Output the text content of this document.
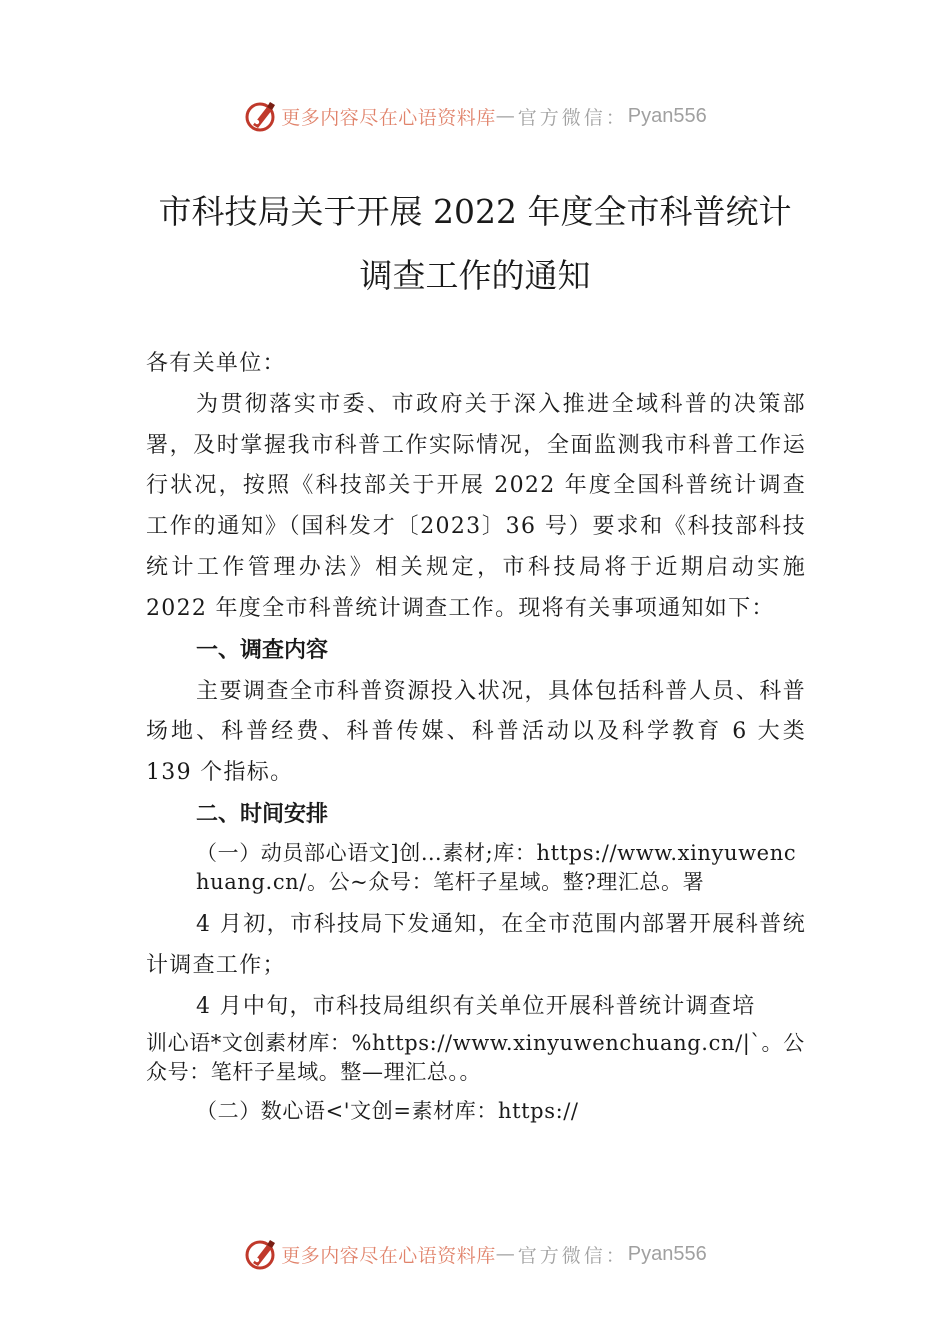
更多内容尽在心语资料库 — 官方微信： Pyan556
市科技局关于开展 2022 年度全市科普统计
调查工作的通知

各有关单位：

为贯彻落实市委、市政府关于深入推进全域科普的决策部署，及时掌握我市科普工作实际情况，全面监测我市科普工作运行状况，按照《科技部关于开展 2022 年度全国科普统计调查工作的通知》（国科发才〔2023〕36 号）要求和《科技部科技统计工作管理办法》相关规定，市科技局将于近期启动实施 2022 年度全市科普统计调查工作。现将有关事项通知如下：

一、调查内容

主要调查全市科普资源投入状况，具体包括科普人员、科普场地、科普经费、科普传媒、科普活动以及科学教育 6 大类 139 个指标。

二、时间安排

（一）动员部心语文]创…素材;库：https://www.xinyuwenchuang.cn/。公~众号：笔杆子星域。整?理汇总。署

4 月初，市科技局下发通知，在全市范围内部署开展科普统计调查工作；

4 月中旬，市科技局组织有关单位开展科普统计调查培

训心语*文创素材库：%https://www.xinyuwenchuang.cn/|`。公众号：笔杆子星域。整—理汇总。。

（二）数心语<'文创=素材库：https://

更多内容尽在心语资料库 — 官方微信： Pyan556
